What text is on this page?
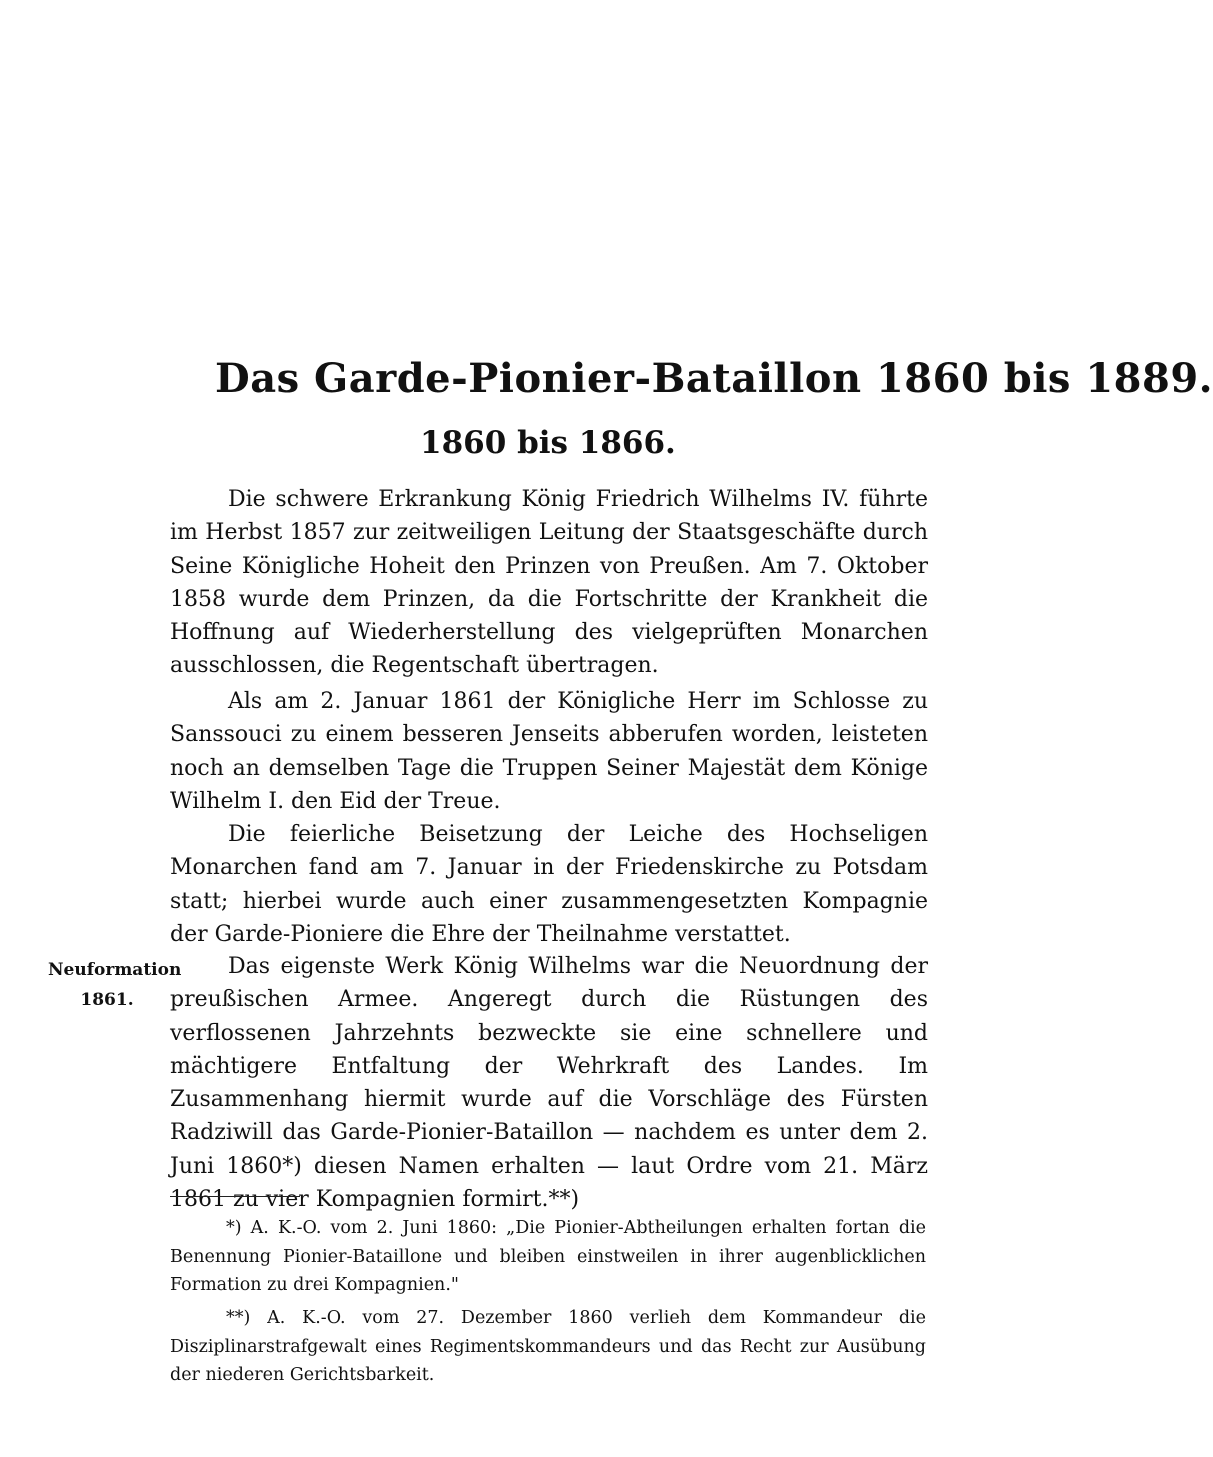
Das Garde-Pionier-Bataillon 1860 bis 1889.
1860 bis 1866.

Die schwere Erkrankung König Friedrich Wilhelms IV. führte im Herbst 1857 zur zeitweiligen Leitung der Staatsgeschäfte durch Seine Königliche Hoheit den Prinzen von Preußen. Am 7. Oktober 1858 wurde dem Prinzen, da die Fortschritte der Krankheit die Hoffnung auf Wiederherstellung des vielgeprüften Monarchen ausschlossen, die Regentschaft übertragen.

Als am 2. Januar 1861 der Königliche Herr im Schlosse zu Sanssouci zu einem besseren Jenseits abberufen worden, leisteten noch an demselben Tage die Truppen Seiner Majestät dem Könige Wilhelm I. den Eid der Treue.

Die feierliche Beisetzung der Leiche des Hochseligen Monarchen fand am 7. Januar in der Friedenskirche zu Potsdam statt; hierbei wurde auch einer zusammengesetzten Kompagnie der Garde-Pioniere die Ehre der Theilnahme verstattet.

Neuformation
1861.

Das eigenste Werk König Wilhelms war die Neuordnung der preußischen Armee. Angeregt durch die Rüstungen des verflossenen Jahrzehnts bezweckte sie eine schnellere und mächtigere Entfaltung der Wehrkraft des Landes. Im Zusammenhang hiermit wurde auf die Vorschläge des Fürsten Radziwill das Garde-Pionier-Bataillon — nachdem es unter dem 2. Juni 1860*) diesen Namen erhalten — laut Ordre vom 21. März 1861 zu vier Kompagnien formirt.**)

*) A. K.-O. vom 2. Juni 1860: „Die Pionier-Abtheilungen erhalten fortan die Benennung Pionier-Bataillone und bleiben einstweilen in ihrer augenblicklichen Formation zu drei Kompagnien."

**) A. K.-O. vom 27. Dezember 1860 verlieh dem Kommandeur die Disziplinarstrafgewalt eines Regimentskommandeurs und das Recht zur Ausübung der niederen Gerichtsbarkeit.
